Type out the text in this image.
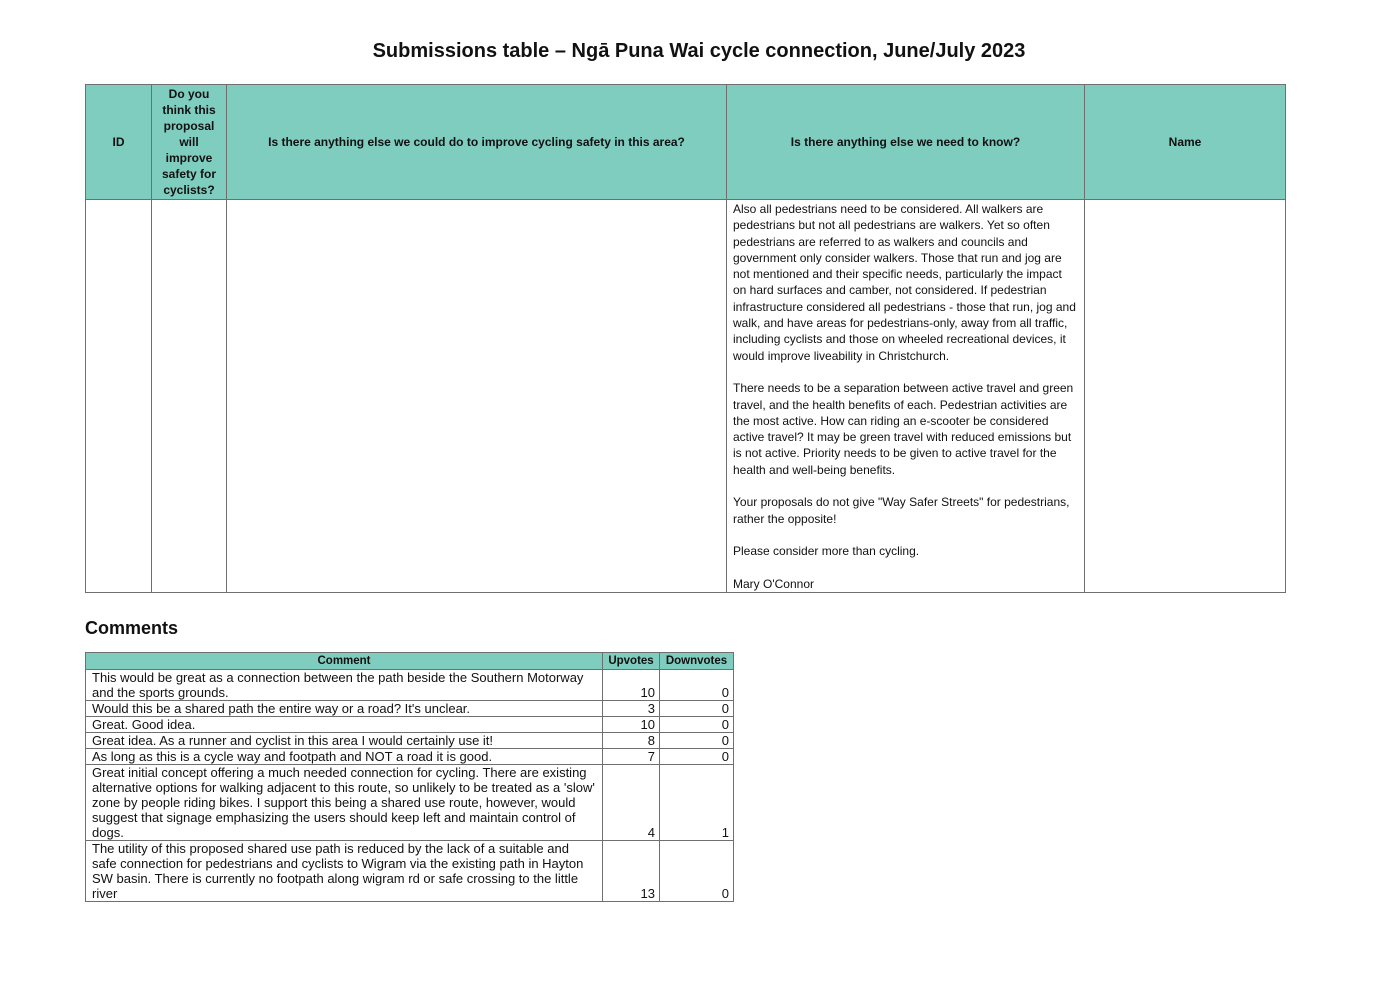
Submissions table – Ngā Puna Wai cycle connection, June/July 2023
ID	Do you think this proposal will improve safety for cyclists?	Is there anything else we could do to improve cycling safety in this area?	Is there anything else we need to know?	Name

			Also all pedestrians need to be considered. All walkers are pedestrians but not all pedestrians are walkers. Yet so often pedestrians are referred to as walkers and councils and government only consider walkers. Those that run and jog are not mentioned and their specific needs, particularly the impact on hard surfaces and camber, not considered. If pedestrian infrastructure considered all pedestrians - those that run, jog and walk, and have areas for pedestrians-only, away from all traffic, including cyclists and those on wheeled recreational devices, it would improve liveability in Christchurch.

There needs to be a separation between active travel and green travel, and the health benefits of each. Pedestrian activities are the most active. How can riding an e-scooter be considered active travel? It may be green travel with reduced emissions but is not active. Priority needs to be given to active travel for the health and well-being benefits.

Your proposals do not give "Way Safer Streets" for pedestrians, rather the opposite!

Please consider more than cycling.

Mary O'Connor	

Comments
Comment	Upvotes	Downvotes
This would be great as a connection between the path beside the Southern Motorway and the sports grounds.	10	0
Would this be a shared path the entire way or a road? It's unclear.	3	0
Great. Good idea.	10	0
Great idea. As a runner and cyclist in this area I would certainly use it!	8	0
As long as this is a cycle way and footpath and NOT a road it is good.	7	0
Great initial concept offering a much needed connection for cycling. There are existing alternative options for walking adjacent to this route, so unlikely to be treated as a 'slow' zone by people riding bikes. I support this being a shared use route, however, would suggest that signage emphasizing the users should keep left and maintain control of dogs.	4	1
The utility of this proposed shared use path is reduced by the lack of a suitable and safe connection for pedestrians and cyclists to Wigram via the existing path in Hayton SW basin. There is currently no footpath along wigram rd or safe crossing to the little river	13	0
